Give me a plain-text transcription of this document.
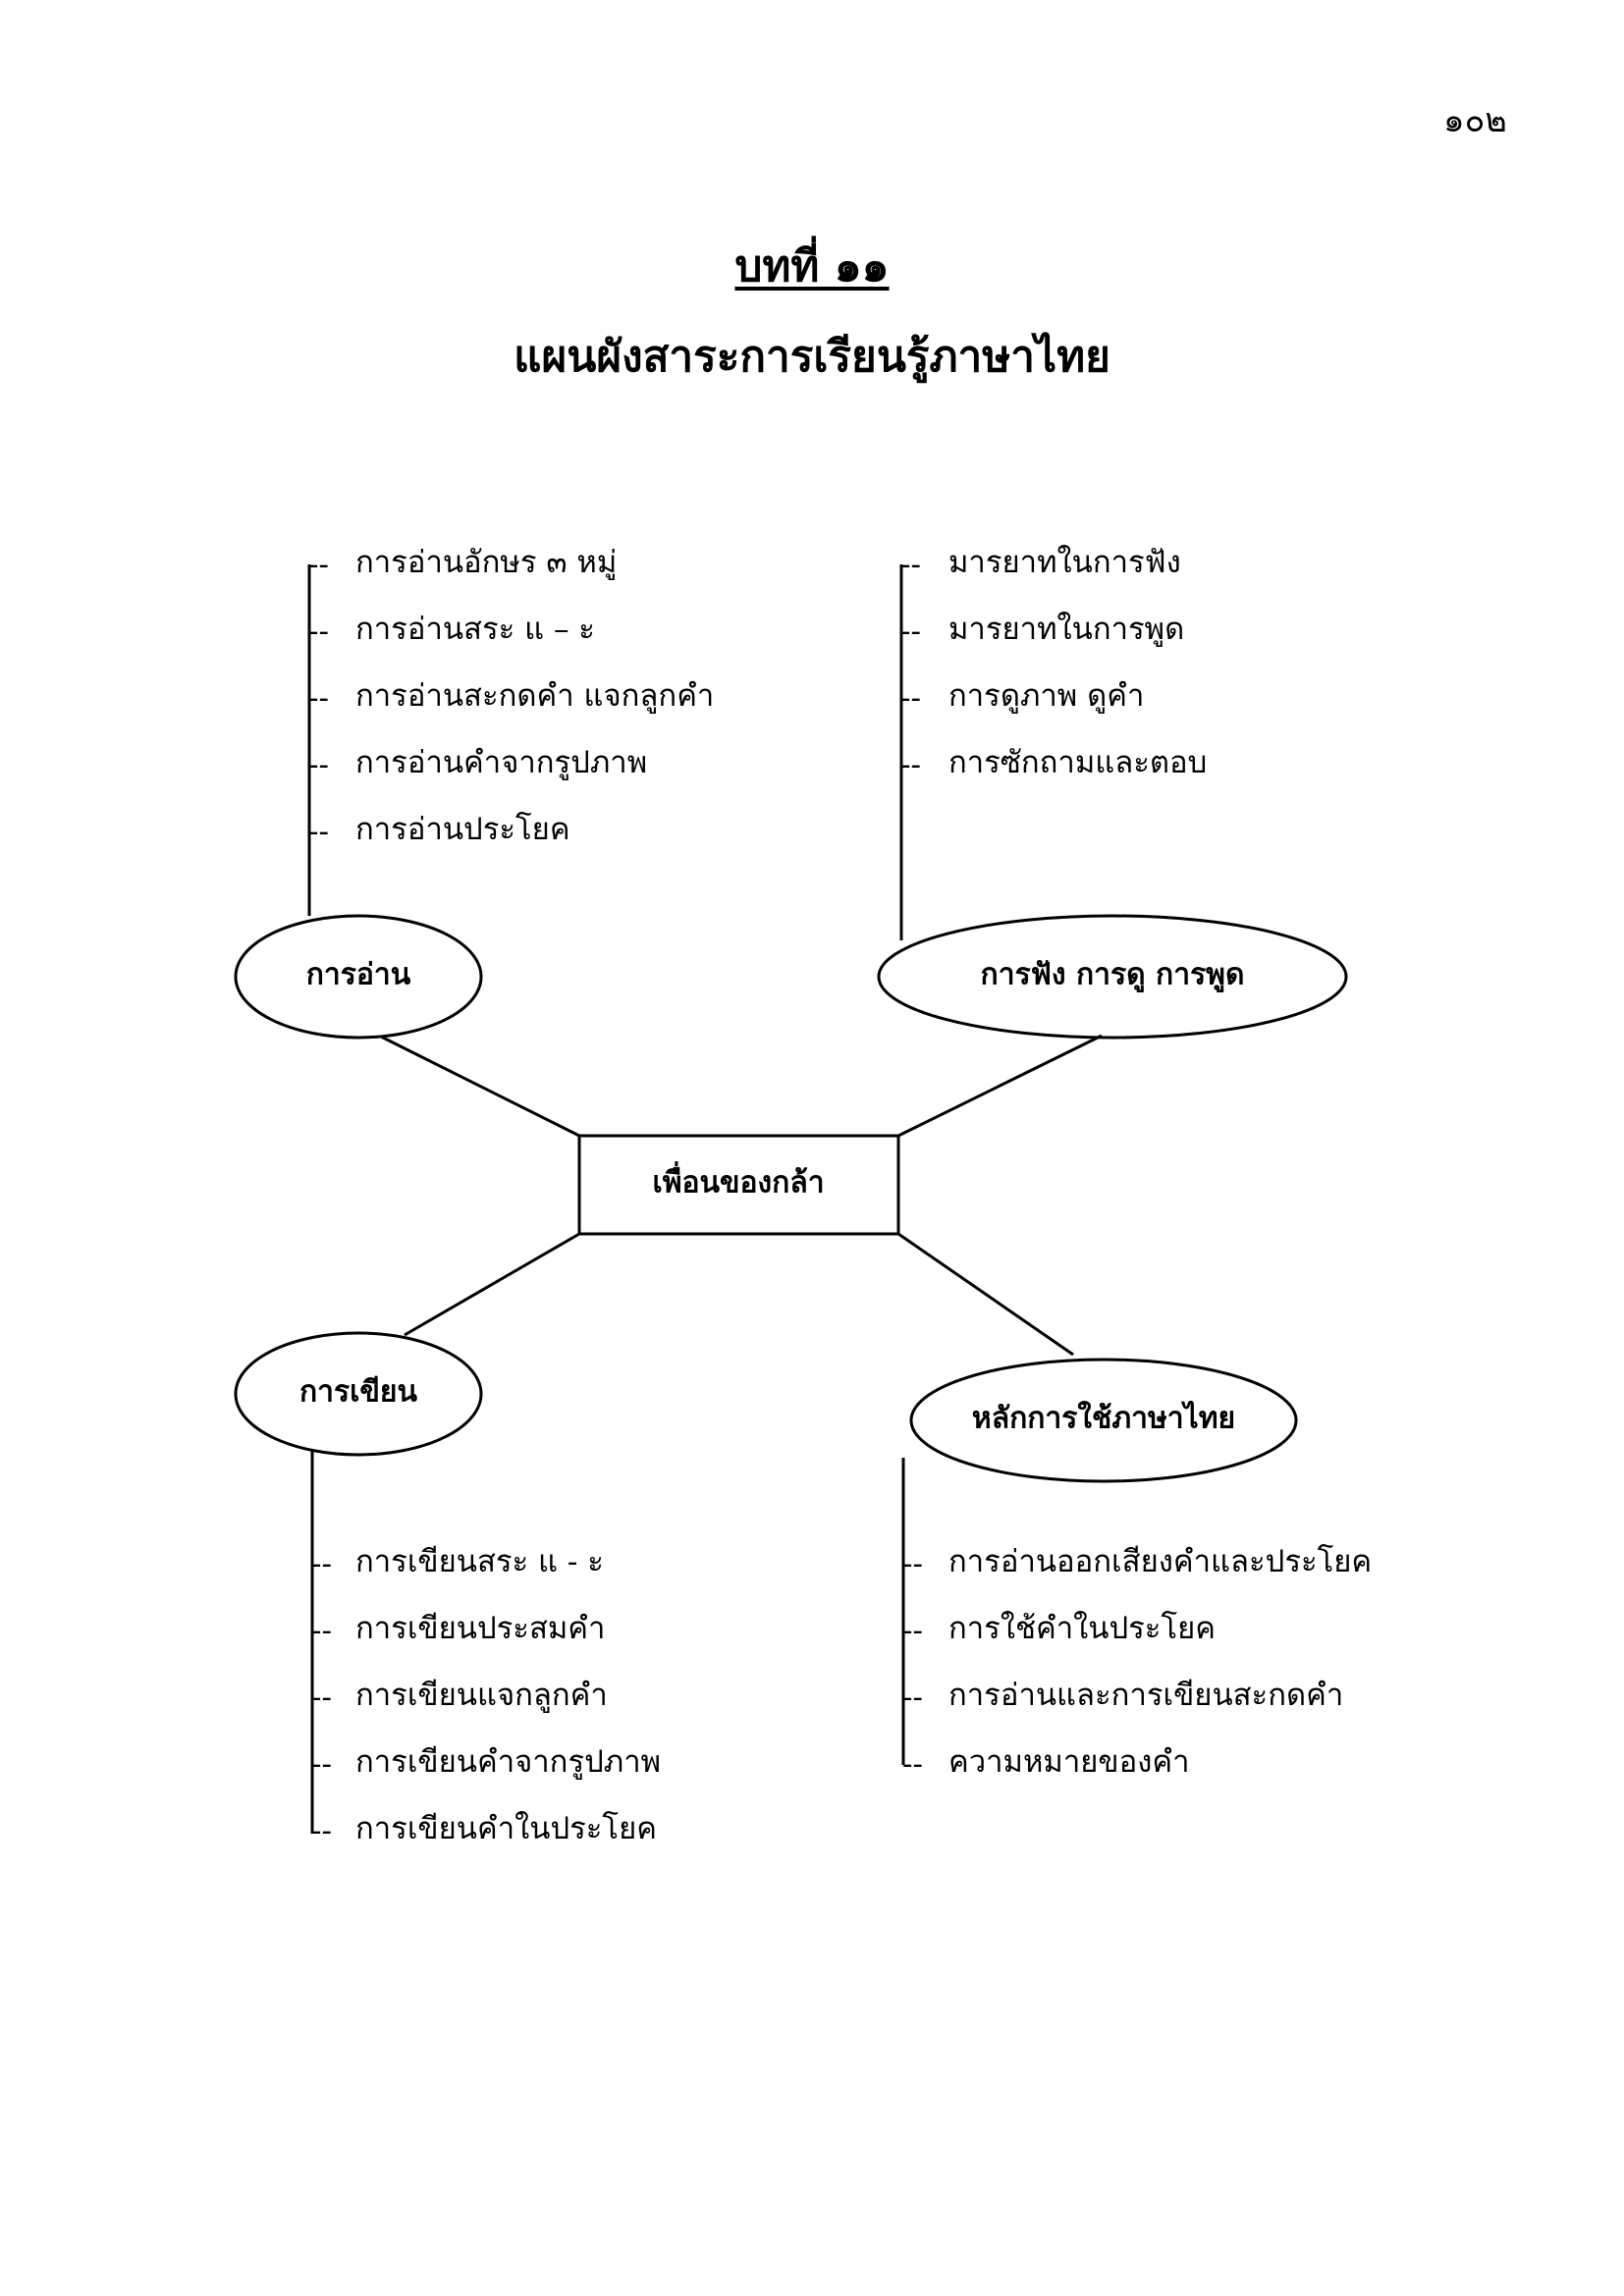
๑๐๒
บทที่ ๑๑
แผนผังสาระการเรียนรู้ภาษาไทย
การอ่าน	การฟัง การดู การพูด
เพื่อนของกล้า
การเขียน
หลักการใช้ภาษาไทย
-- การอ่านอักษร ๓ หมู่
-- การอ่านสระ แ – ะ
-- การอ่านสะกดคำ แจกลูกคำ
-- การอ่านคำจากรูปภาพ
-- การอ่านประโยค
-- มารยาทในการฟัง
-- มารยาทในการพูด
-- การดูภาพ ดูคำ
-- การซักถามและตอบ
-- การเขียนสระ แ - ะ
-- การเขียนประสมคำ
-- การเขียนแจกลูกคำ
-- การเขียนคำจากรูปภาพ
-- การเขียนคำในประโยค
-- การอ่านออกเสียงคำและประโยค
-- การใช้คำในประโยค
-- การอ่านและการเขียนสะกดคำ
-- ความหมายของคำ
